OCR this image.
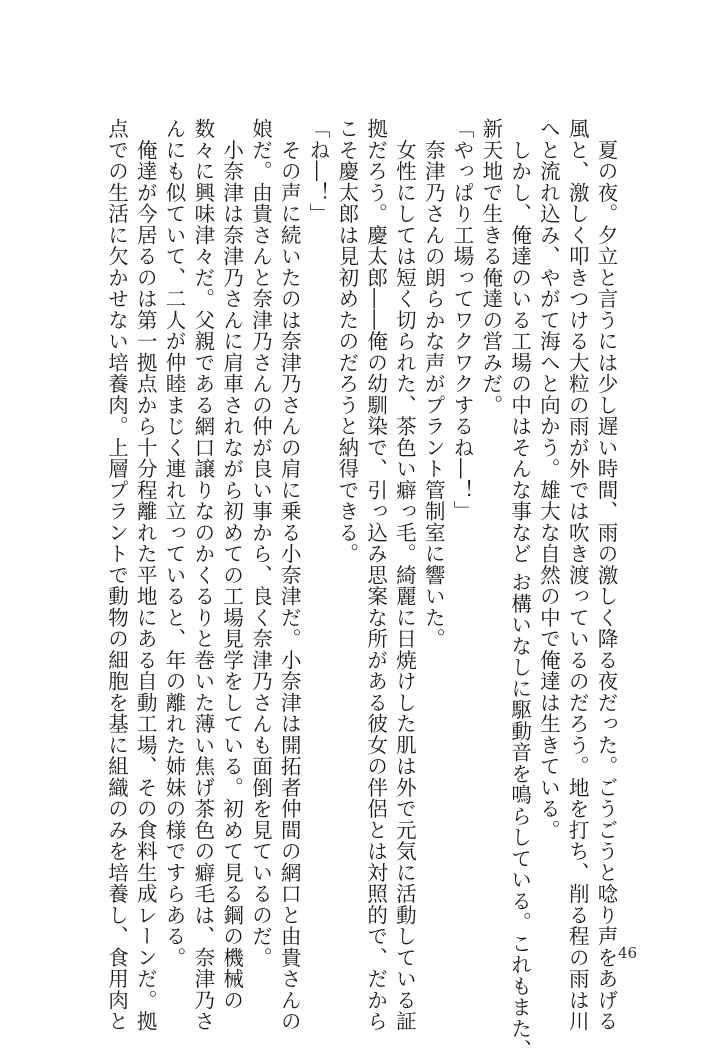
　夏の夜。夕立と言うには少し遅い時間、雨の激しく降る夜だった。ごうごうと唸り声をあげる
風と、激しく叩きつける大粒の雨が外では吹き渡っているのだろう。地を打ち、削る程の雨は川
へと流れ込み、やがて海へと向かう。雄大な自然の中で俺達は生きている。
　しかし、俺達のいる工場の中はそんな事など お構いなしに駆動音を鳴らしている。これもまた、
新天地で生きる俺達の営みだ。
「やっぱり工場ってワクワクするね―！」
　奈津乃さんの朗らかな声がプラント管制室に響いた。
　女性にしては短く切られた、茶色い癖っ毛。綺麗に日焼けした肌は外で元気に活動している証
拠だろう。慶太郎――俺の幼馴染で、引っ込み思案な所がある彼女の伴侶とは対照的で、だから
こそ慶太郎は見初めたのだろうと納得できる。
「ね―！」
　その声に続いたのは奈津乃さんの肩に乗る小奈津だ。小奈津は開拓者仲間の網口と由貴さんの
娘だ。由貴さんと奈津乃さんの仲が良い事から、良く奈津乃さんも面倒を見ているのだ。
　小奈津は奈津乃さんに肩車されながら初めての工場見学をしている。初めて見る鋼の機械の
数々に興味津々だ。父親である網口譲りなのかくるりと巻いた薄い焦げ茶色の癖毛は、奈津乃さ
んにも似ていて、二人が仲睦まじく連れ立っていると、年の離れた姉妹の様ですらある。
　俺達が今居るのは第一拠点から十分程離れた平地にある自動工場、その食料生成レーンだ。拠
点での生活に欠かせない培養肉。上層プラントで動物の細胞を基に組織のみを培養し、食用肉と	46
